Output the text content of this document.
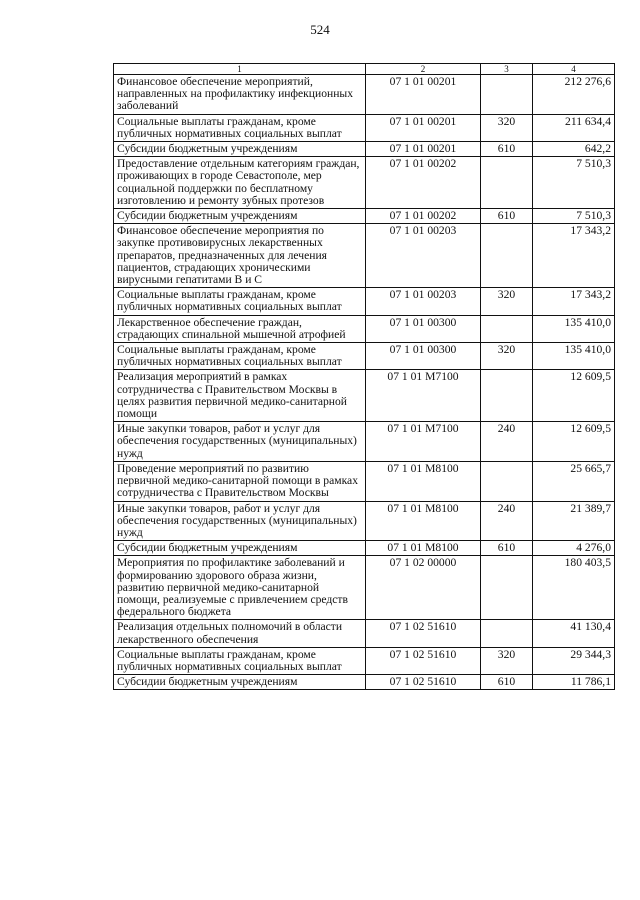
524
1	2	3	4
Финансовое обеспечение мероприятий, направленных на профилактику инфекционных заболеваний	07 1 01 00201		212 276,6
Социальные выплаты гражданам, кроме публичных нормативных социальных выплат	07 1 01 00201	320	211 634,4
Субсидии бюджетным учреждениям	07 1 01 00201	610	642,2
Предоставление отдельным категориям граждан, проживающих в городе Севастополе, мер социальной поддержки по бесплатному изготовлению и ремонту зубных протезов	07 1 01 00202		7 510,3
Субсидии бюджетным учреждениям	07 1 01 00202	610	7 510,3
Финансовое обеспечение мероприятия по закупке противовирусных лекарственных препаратов, предназначенных для лечения пациентов, страдающих хроническими вирусными гепатитами В и С	07 1 01 00203		17 343,2
Социальные выплаты гражданам, кроме публичных нормативных социальных выплат	07 1 01 00203	320	17 343,2
Лекарственное обеспечение граждан, страдающих спинальной мышечной атрофией	07 1 01 00300		135 410,0
Социальные выплаты гражданам, кроме публичных нормативных социальных выплат	07 1 01 00300	320	135 410,0
Реализация мероприятий в рамках сотрудничества с Правительством Москвы в целях развития первичной медико-санитарной помощи	07 1 01 M7100		12 609,5
Иные закупки товаров, работ и услуг для обеспечения государственных (муниципальных) нужд	07 1 01 M7100	240	12 609,5
Проведение мероприятий по развитию первичной медико-санитарной помощи в рамках сотрудничества с Правительством Москвы	07 1 01 M8100		25 665,7
Иные закупки товаров, работ и услуг для обеспечения государственных (муниципальных) нужд	07 1 01 M8100	240	21 389,7
Субсидии бюджетным учреждениям	07 1 01 M8100	610	4 276,0
Мероприятия по профилактике заболеваний и формированию здорового образа жизни, развитию первичной медико-санитарной помощи, реализуемые с привлечением средств федерального бюджета	07 1 02 00000		180 403,5
Реализация отдельных полномочий в области лекарственного обеспечения	07 1 02 51610		41 130,4
Социальные выплаты гражданам, кроме публичных нормативных социальных выплат	07 1 02 51610	320	29 344,3
Субсидии бюджетным учреждениям	07 1 02 51610	610	11 786,1
